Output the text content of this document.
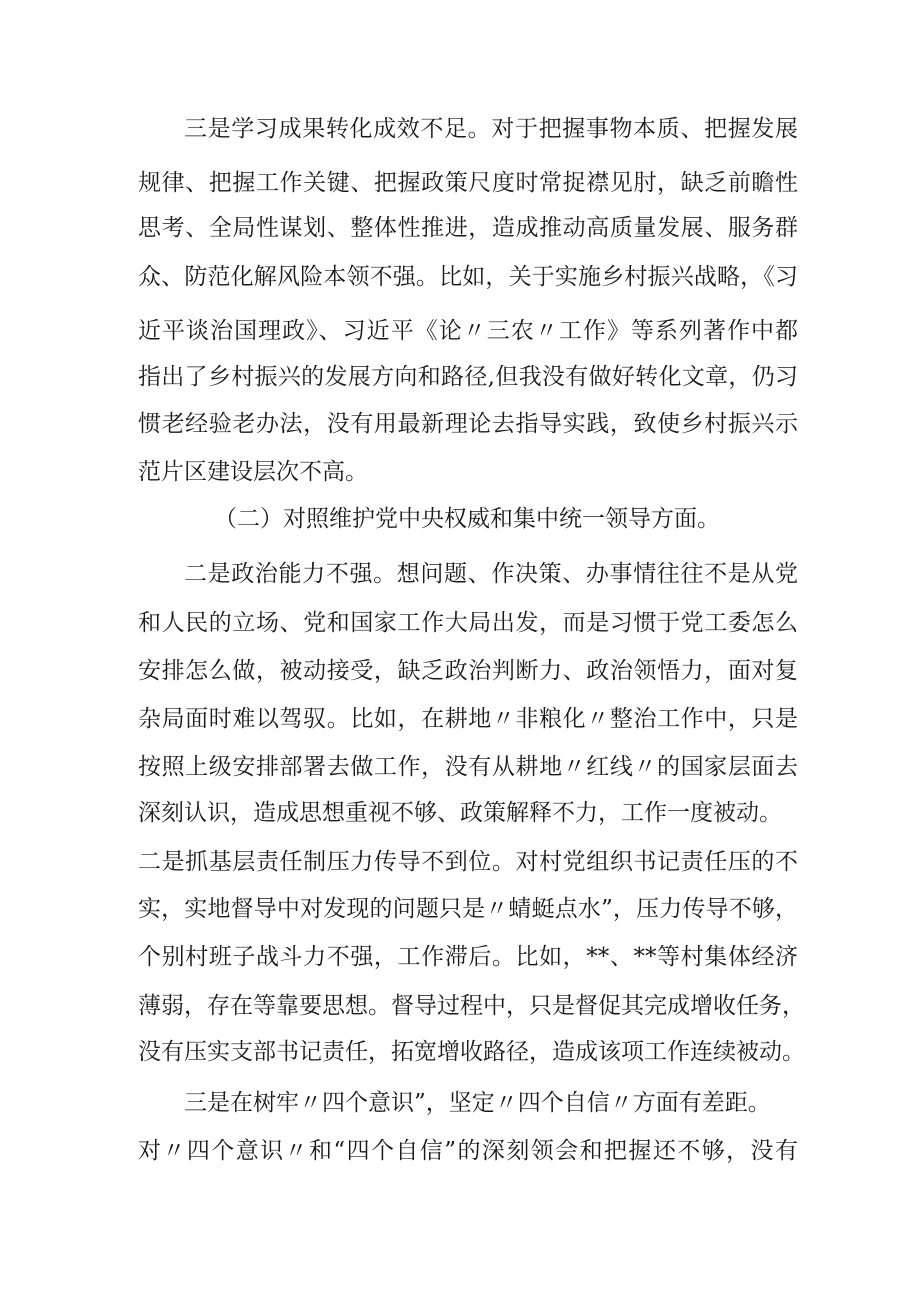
三是学习成果转化成效不足。对于把握事物本质、把握发展
规律、把握工作关键、把握政策尺度时常捉襟见肘，缺乏前瞻性
思考、全局性谋划、整体性推进，造成推动高质量发展、服务群
众、防范化解风险本领不强。比如，关于实施乡村振兴战略，《习
近平谈治国理政》、习近平《论〃三农〃工作》等系列著作中都
指出了乡村振兴的发展方向和路径,但我没有做好转化文章，仍习
惯老经验老办法，没有用最新理论去指导实践，致使乡村振兴示
范片区建设层次不高。
（二）对照维护党中央权威和集中统一领导方面。
二是政治能力不强。想问题、作决策、办事情往往不是从党
和人民的立场、党和国家工作大局出发，而是习惯于党工委怎么
安排怎么做，被动接受，缺乏政治判断力、政治领悟力，面对复
杂局面时难以驾驭。比如，在耕地〃非粮化〃整治工作中，只是
按照上级安排部署去做工作，没有从耕地〃红线〃的国家层面去
深刻认识，造成思想重视不够、政策解释不力，工作一度被动。
二是抓基层责任制压力传导不到位。对村党组织书记责任压的不
实，实地督导中对发现的问题只是〃蜻蜓点水”，压力传导不够，
个别村班子战斗力不强，工作滞后。比如，**、**等村集体经济
薄弱，存在等靠要思想。督导过程中，只是督促其完成增收任务，
没有压实支部书记责任，拓宽增收路径，造成该项工作连续被动。
三是在树牢〃四个意识”，坚定〃四个自信〃方面有差距。
对〃四个意识〃和“四个自信”的深刻领会和把握还不够，没有
